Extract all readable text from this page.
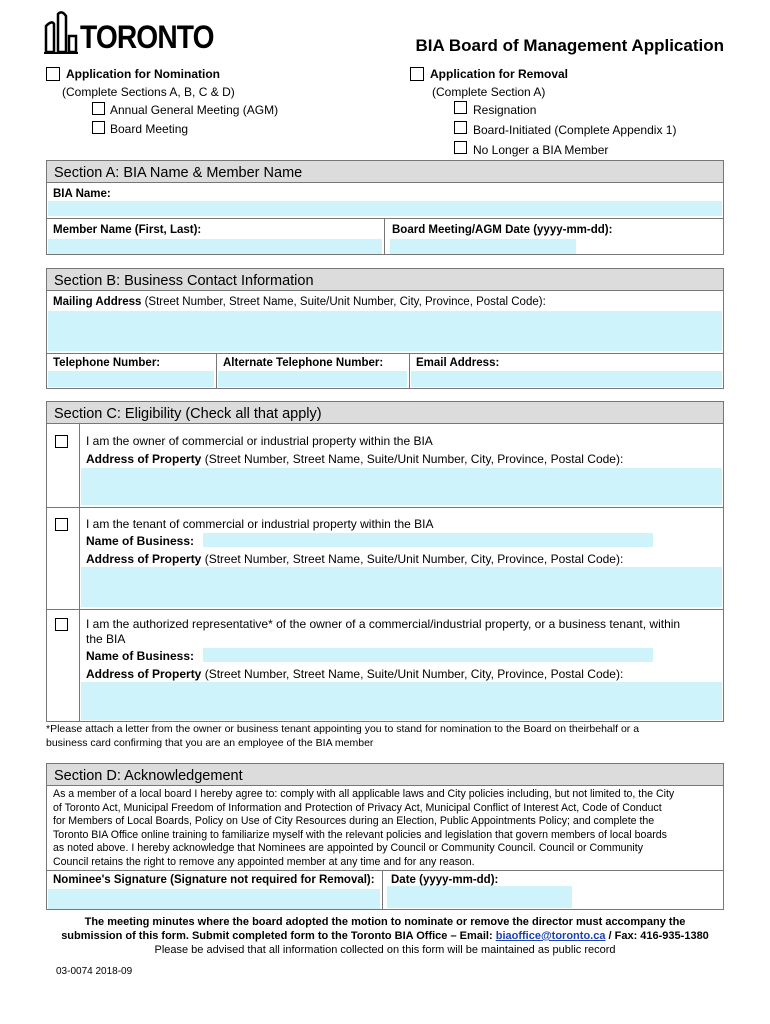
TORONTO	BIA Board of Management Application
Application for Nomination
(Complete Sections A, B, C & D)
Annual General Meeting (AGM)
Board Meeting
Application for Removal
(Complete Section A)
Resignation
Board-Initiated (Complete Appendix 1)
No Longer a BIA Member
Section A: BIA Name & Member Name
BIA Name:
Member Name (First, Last):	Board Meeting/AGM Date (yyyy-mm-dd):
Section B: Business Contact Information
Mailing Address (Street Number, Street Name, Suite/Unit Number, City, Province, Postal Code):
Telephone Number:	Alternate Telephone Number:	Email Address:
Section C: Eligibility (Check all that apply)
I am the owner of commercial or industrial property within the BIA
Address of Property (Street Number, Street Name, Suite/Unit Number, City, Province, Postal Code):
I am the tenant of commercial or industrial property within the BIA
Name of Business:
Address of Property (Street Number, Street Name, Suite/Unit Number, City, Province, Postal Code):
I am the authorized representative* of the owner of a commercial/industrial property, or a business tenant, within
the BIA
Name of Business:
Address of Property (Street Number, Street Name, Suite/Unit Number, City, Province, Postal Code):
*Please attach a letter from the owner or business tenant appointing you to stand for nomination to the Board on theirbehalf or a
business card confirming that you are an employee of the BIA member
Section D: Acknowledgement
As a member of a local board I hereby agree to: comply with all applicable laws and City policies including, but not limited to, the City
of Toronto Act, Municipal Freedom of Information and Protection of Privacy Act, Municipal Conflict of Interest Act, Code of Conduct
for Members of Local Boards, Policy on Use of City Resources during an Election, Public Appointments Policy; and complete the
Toronto BIA Office online training to familiarize myself with the relevant policies and legislation that govern members of local boards
as noted above. I hereby acknowledge that Nominees are appointed by Council or Community Council. Council or Community
Council retains the right to remove any appointed member at any time and for any reason.
Nominee's Signature (Signature not required for Removal): Date (yyyy-mm-dd):
The meeting minutes where the board adopted the motion to nominate or remove the director must accompany the
submission of this form. Submit completed form to the Toronto BIA Office – Email: biaoffice@toronto.ca / Fax: 416-935-1380
Please be advised that all information collected on this form will be maintained as public record
03-0074 2018-09
